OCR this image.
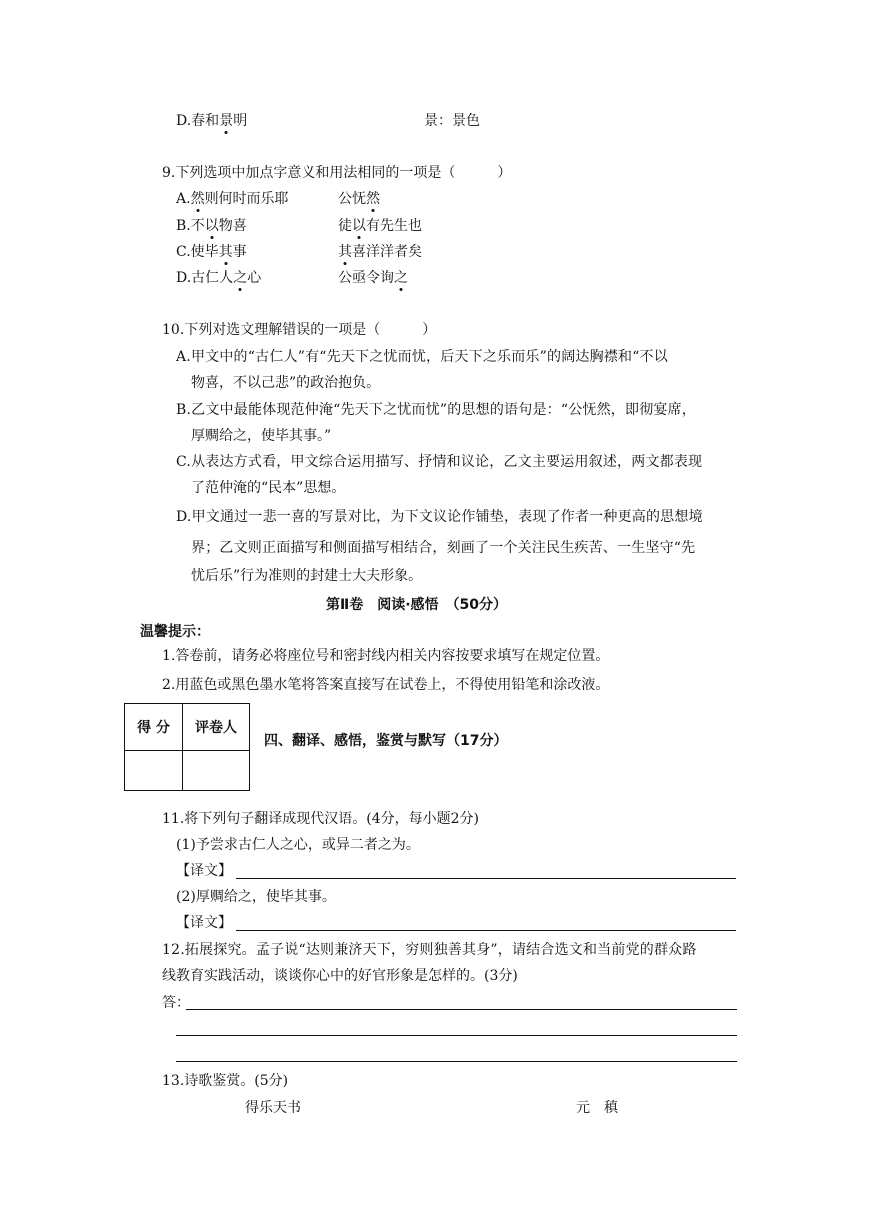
D.春和景明	景：景色
9.下列选项中加点字意义和用法相同的一项是（　　　）
A.然则何时而乐耶	公怃然
B.不以物喜	徒以有先生也
C.使毕其事	其喜洋洋者矣
D.古仁人之心	公亟令询之
10.下列对选文理解错误的一项是（　　　）
A.甲文中的“古仁人”有“先天下之忧而忧，后天下之乐而乐”的阔达胸襟和“不以
物喜，不以己悲”的政治抱负。
B.乙文中最能体现范仲淹“先天下之忧而忧”的思想的语句是：“公怃然，即彻宴席，
厚赒给之，使毕其事。”
C.从表达方式看，甲文综合运用描写、抒情和议论，乙文主要运用叙述，两文都表现
了范仲淹的“民本”思想。
D.甲文通过一悲一喜的写景对比，为下文议论作铺垫，表现了作者一种更高的思想境
界；乙文则正面描写和侧面描写相结合，刻画了一个关注民生疾苦、一生坚守“先
忧后乐”行为准则的封建士大夫形象。
第Ⅱ卷　阅读·感悟　（50分）
温馨提示：
1.答卷前，请务必将座位号和密封线内相关内容按要求填写在规定位置。
2.用蓝色或黑色墨水笔将答案直接写在试卷上，不得使用铅笔和涂改液。
得 分	评卷人

四、翻译、感悟，鉴赏与默写（17分）
11.将下列句子翻译成现代汉语。(4分，每小题2分)
(1)予尝求古仁人之心，或异二者之为。
【译文】
(2)厚赒给之，使毕其事。
【译文】
12.拓展探究。孟子说“达则兼济天下，穷则独善其身”，请结合选文和当前党的群众路
线教育实践活动，谈谈你心中的好官形象是怎样的。(3分)
答：
13.诗歌鉴赏。(5分)
得乐天书	元　稹
